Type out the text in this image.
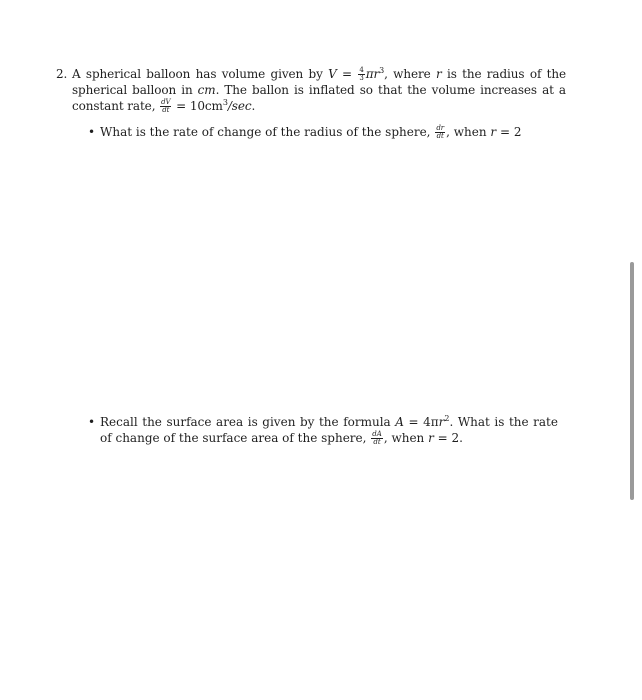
2. A spherical balloon has volume given by $V = \frac{4}{3} \pi r^3$, where r is the radius of the spherical balloon in cm. The ballon is inflated so that the volume increases at a constant rate, $\frac{dV}{dt} = 10cm^3/\sec$.
• What is the rate of change of the radius of the sphere, $\frac{dr}{dt}$ , when r = 2
• Recall the surface area is given by the formula $A = 4\pi r^2$. What is the rate of change of the surface area of the sphere, $\frac{dA}{dt}$ , when r = 2.
